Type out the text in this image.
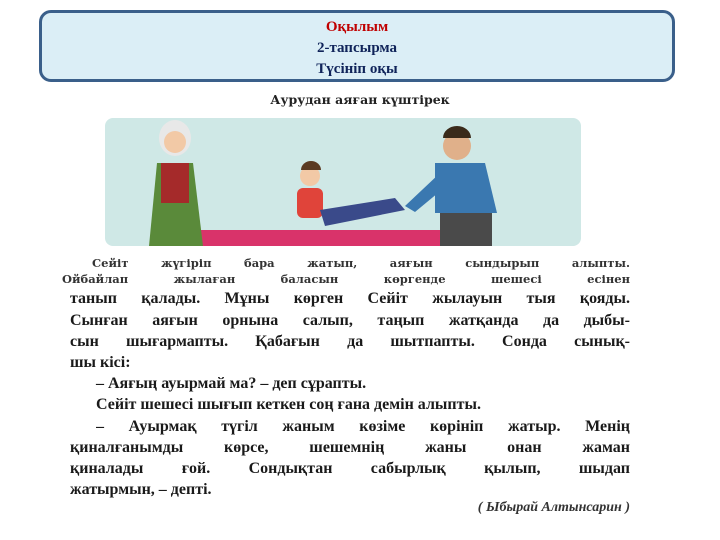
Оқылым
2-тапсырма
Түсініп оқы
Аурудан аяған күштірек
Сейіт жүгіріп бара жатып, аяғын сындырып алыпты.
Ойбайлап жылаған баласын көргенде шешесі есінен
танып қалады. Мұны көрген Сейіт жылауын тыя қояды.
Сынған аяғын орнына салып, таңып жатқанда да дыбы-
сын шығармапты. Қабағын да шытпапты. Сонда сынық-
шы кісі:
– Аяғың ауырмай ма? – деп сұрапты.
Сейіт шешесі шығып кеткен соң ғана демін алыпты.
– Ауырмақ түгіл жаным көзіме көрініп жатыр. Менің
қиналғанымды көрсе, шешемнің жаны онан жаман
қиналады ғой. Сондықтан сабырлық қылып, шыдап
жатырмын, – депті.
( Ыбырай Алтынсарин )
